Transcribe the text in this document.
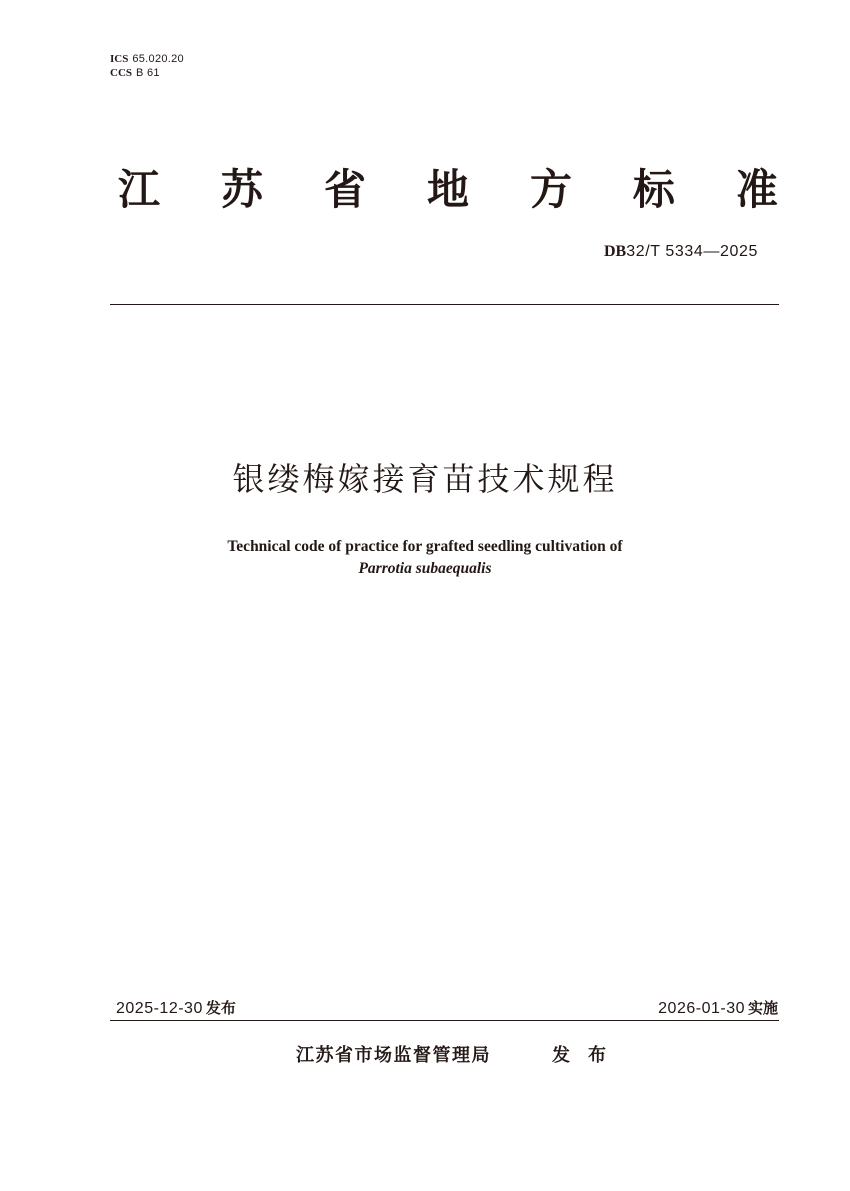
ICS 65.020.20
CCS B 61
江 苏 省 地 方 标 准
DB32/T 5334—2025
银缕梅嫁接育苗技术规程
Technical code of practice for grafted seedling cultivation of
Parrotia subaequalis
2025-12-30 发布	2026-01-30 实施
江苏省市场监督管理局	发布
